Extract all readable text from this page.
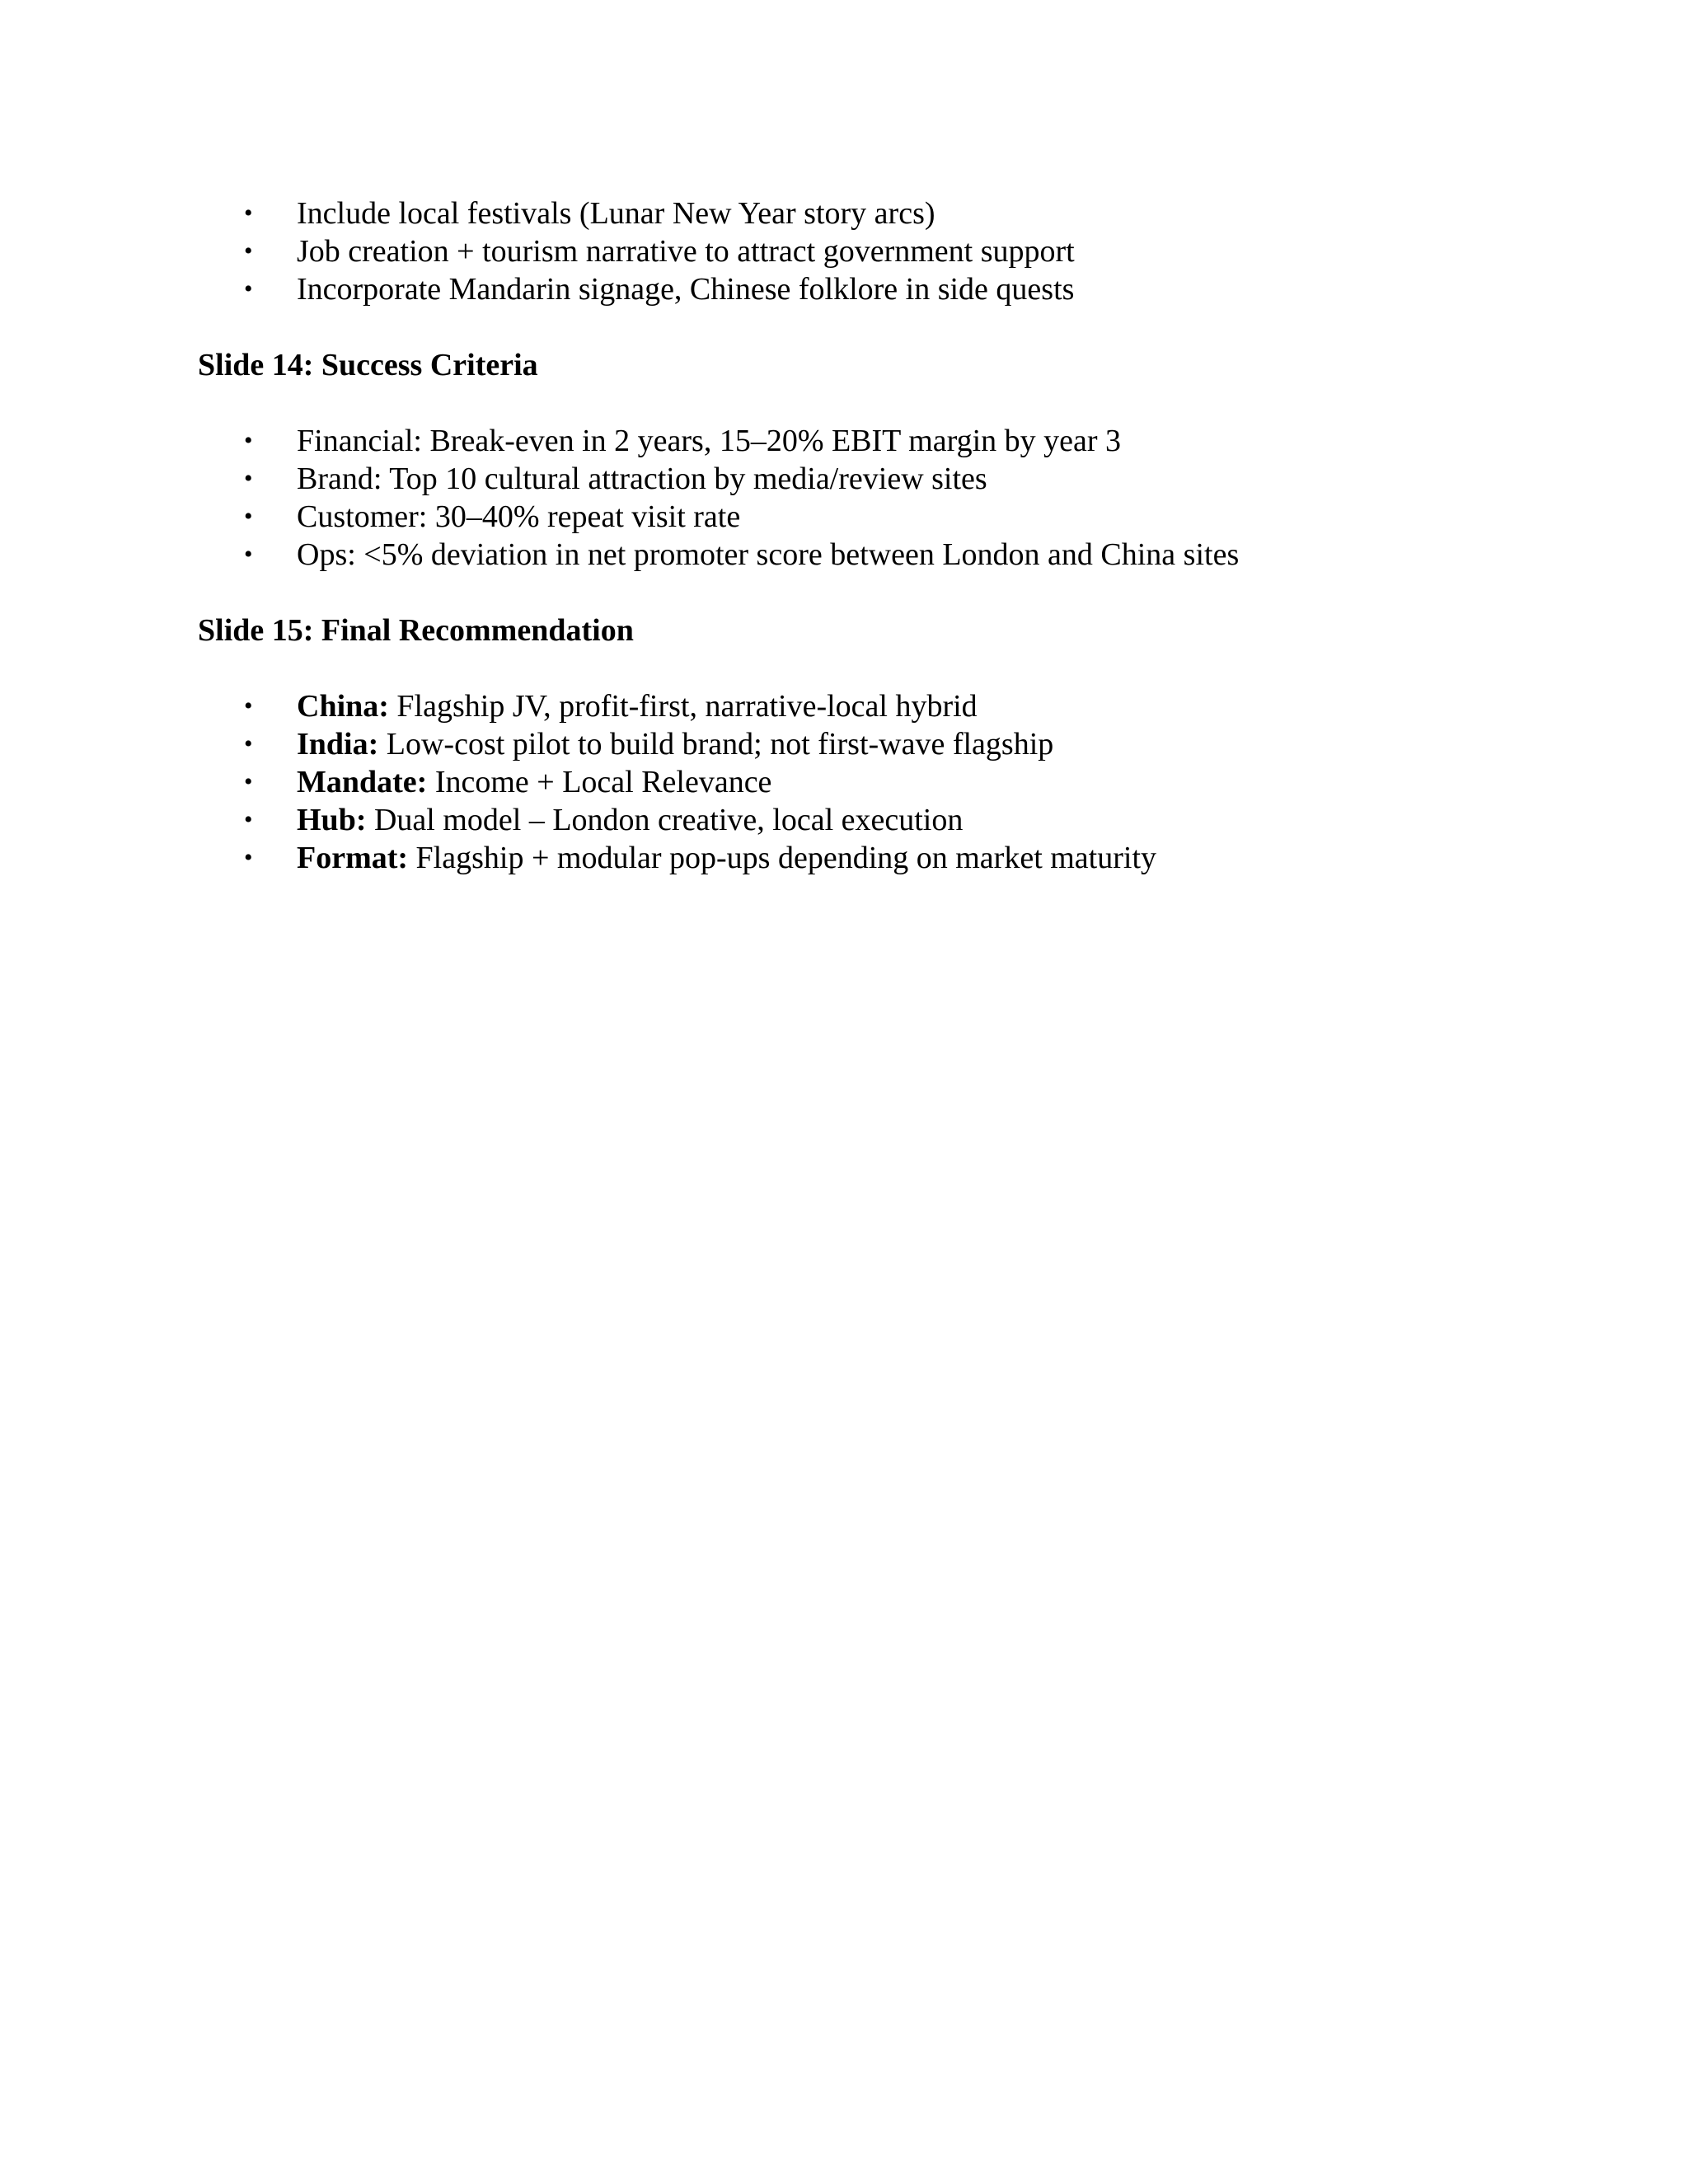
• Include local festivals (Lunar New Year story arcs)
• Job creation + tourism narrative to attract government support
• Incorporate Mandarin signage, Chinese folklore in side quests
Slide 14: Success Criteria
• Financial: Break-even in 2 years, 15–20% EBIT margin by year 3
• Brand: Top 10 cultural attraction by media/review sites
• Customer: 30–40% repeat visit rate
• Ops: <5% deviation in net promoter score between London and China sites
Slide 15: Final Recommendation
• China: Flagship JV, profit-first, narrative-local hybrid
• India: Low-cost pilot to build brand; not first-wave flagship
• Mandate: Income + Local Relevance
• Hub: Dual model – London creative, local execution
• Format: Flagship + modular pop-ups depending on market maturity
